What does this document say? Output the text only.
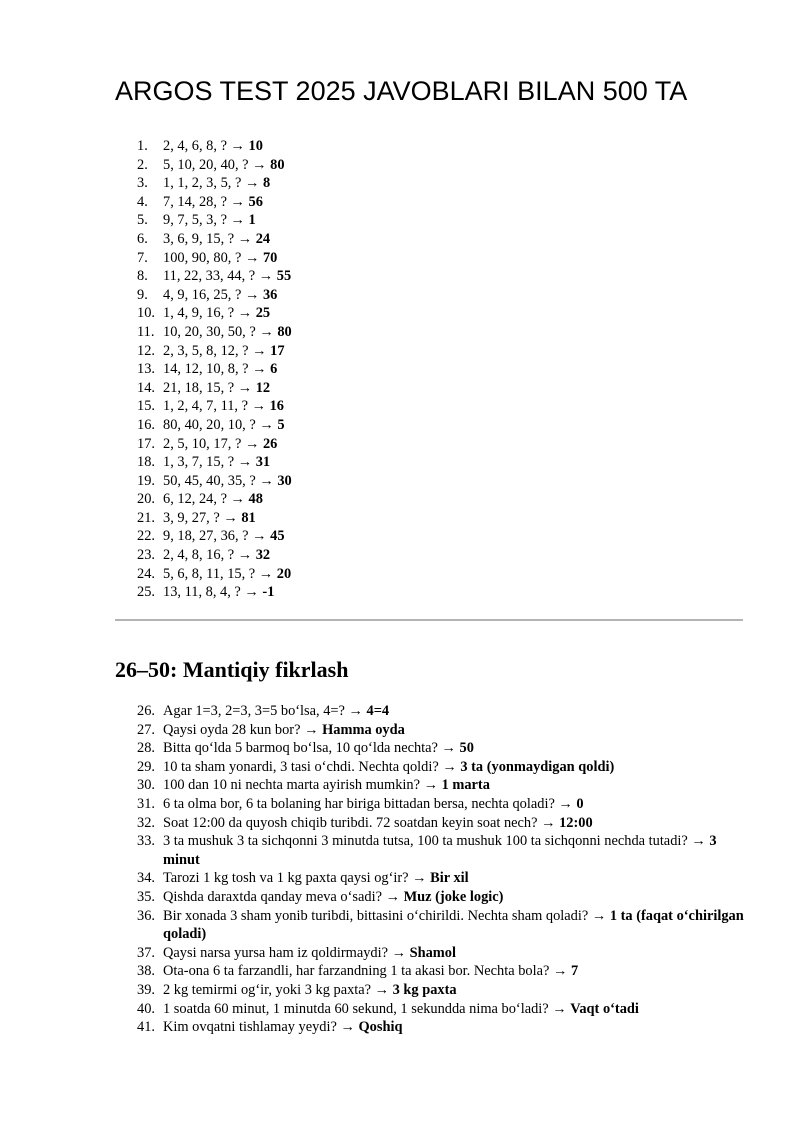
ARGOS TEST 2025 JAVOBLARI BILAN 500 TA
1. 2, 4, 6, 8, ? → 10
2. 5, 10, 20, 40, ? → 80
3. 1, 1, 2, 3, 5, ? → 8
4. 7, 14, 28, ? → 56
5. 9, 7, 5, 3, ? → 1
6. 3, 6, 9, 15, ? → 24
7. 100, 90, 80, ? → 70
8. 11, 22, 33, 44, ? → 55
9. 4, 9, 16, 25, ? → 36
10. 1, 4, 9, 16, ? → 25
11. 10, 20, 30, 50, ? → 80
12. 2, 3, 5, 8, 12, ? → 17
13. 14, 12, 10, 8, ? → 6
14. 21, 18, 15, ? → 12
15. 1, 2, 4, 7, 11, ? → 16
16. 80, 40, 20, 10, ? → 5
17. 2, 5, 10, 17, ? → 26
18. 1, 3, 7, 15, ? → 31
19. 50, 45, 40, 35, ? → 30
20. 6, 12, 24, ? → 48
21. 3, 9, 27, ? → 81
22. 9, 18, 27, 36, ? → 45
23. 2, 4, 8, 16, ? → 32
24. 5, 6, 8, 11, 15, ? → 20
25. 13, 11, 8, 4, ? → -1
26–50: Mantiqiy fikrlash
26. Agar 1=3, 2=3, 3=5 bo‘lsa, 4=? → 4=4
27. Qaysi oyda 28 kun bor? → Hamma oyda
28. Bitta qo‘lda 5 barmoq bo‘lsa, 10 qo‘lda nechta? → 50
29. 10 ta sham yonardi, 3 tasi o‘chdi. Nechta qoldi? → 3 ta (yonmaydigan qoldi)
30. 100 dan 10 ni nechta marta ayirish mumkin? → 1 marta
31. 6 ta olma bor, 6 ta bolaning har biriga bittadan bersa, nechta qoladi? → 0
32. Soat 12:00 da quyosh chiqib turibdi. 72 soatdan keyin soat nech? → 12:00
33. 3 ta mushuk 3 ta sichqonni 3 minutda tutsa, 100 ta mushuk 100 ta sichqonni nechda tutadi? → 3 minut
34. Tarozi 1 kg tosh va 1 kg paxta qaysi og‘ir? → Bir xil
35. Qishda daraxtda qanday meva o‘sadi? → Muz (joke logic)
36. Bir xonada 3 sham yonib turibdi, bittasini o‘chirildi. Nechta sham qoladi? → 1 ta (faqat o‘chirilgan qoladi)
37. Qaysi narsa yursa ham iz qoldirmaydi? → Shamol
38. Ota-ona 6 ta farzandli, har farzandning 1 ta akasi bor. Nechta bola? → 7
39. 2 kg temirmi og‘ir, yoki 3 kg paxta? → 3 kg paxta
40. 1 soatda 60 minut, 1 minutda 60 sekund, 1 sekundda nima bo‘ladi? → Vaqt o‘tadi
41. Kim ovqatni tishlamay yeydi? → Qoshiq
